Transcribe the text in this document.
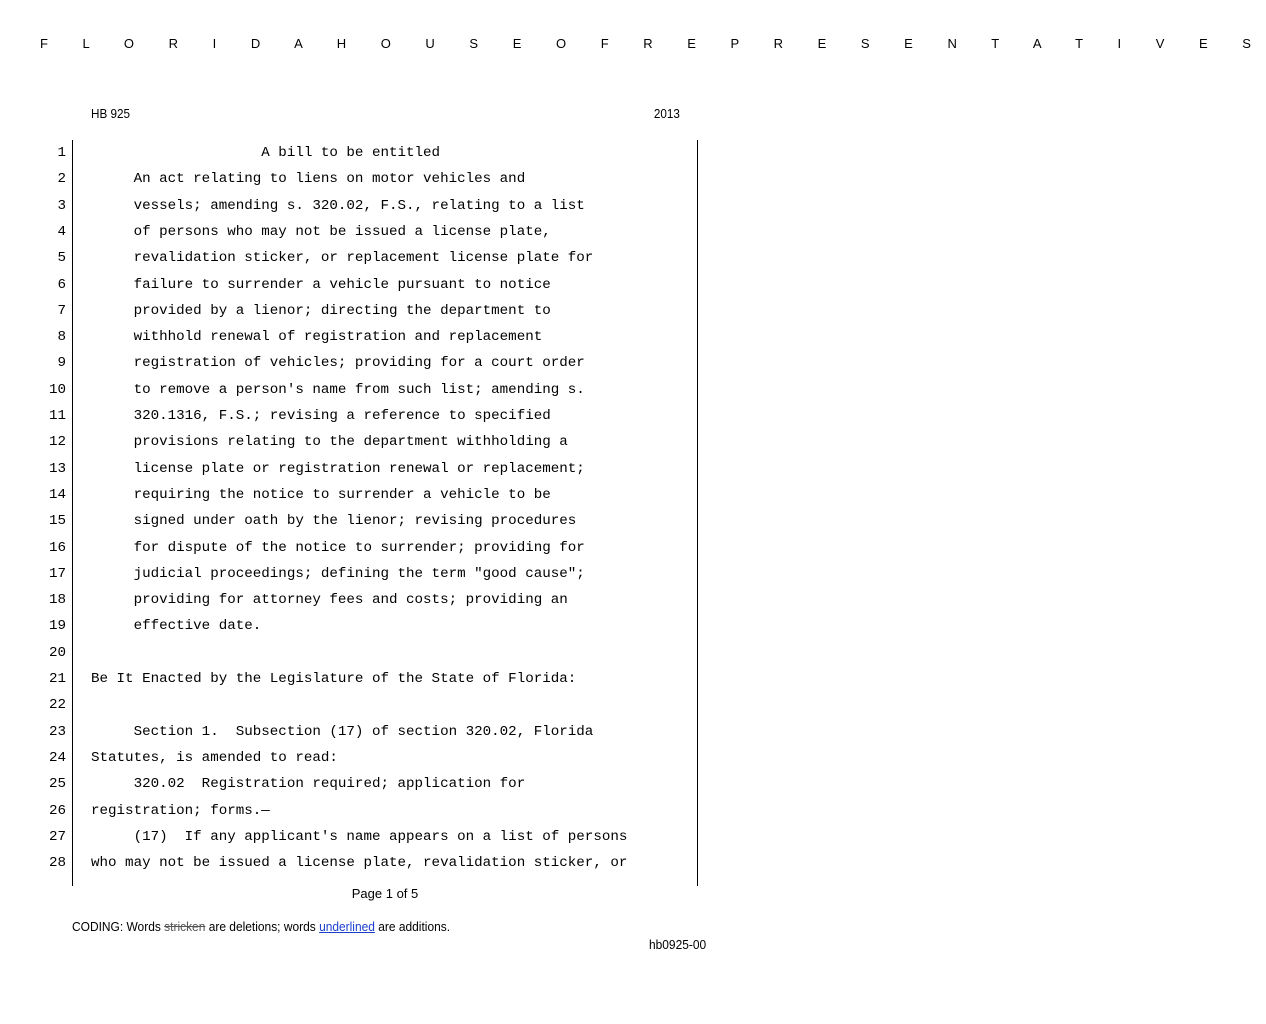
F L O R I D A H O U S E O F R E P R E S E N T A T I V E S
HB 925	2013
1 A bill to be entitled
2 An act relating to liens on motor vehicles and
3 vessels; amending s. 320.02, F.S., relating to a list
4 of persons who may not be issued a license plate,
5 revalidation sticker, or replacement license plate for
6 failure to surrender a vehicle pursuant to notice
7 provided by a lienor; directing the department to
8 withhold renewal of registration and replacement
9 registration of vehicles; providing for a court order
10 to remove a person's name from such list; amending s.
11 320.1316, F.S.; revising a reference to specified
12 provisions relating to the department withholding a
13 license plate or registration renewal or replacement;
14 requiring the notice to surrender a vehicle to be
15 signed under oath by the lienor; revising procedures
16 for dispute of the notice to surrender; providing for
17 judicial proceedings; defining the term "good cause";
18 providing for attorney fees and costs; providing an
19 effective date.
20
21 Be It Enacted by the Legislature of the State of Florida:
22
23 Section 1.  Subsection (17) of section 320.02, Florida
24 Statutes, is amended to read:
25 320.02  Registration required; application for
26 registration; forms.—
27 (17)  If any applicant's name appears on a list of persons
28 who may not be issued a license plate, revalidation sticker, or
Page 1 of 5
CODING: Words stricken are deletions; words underlined are additions.
hb0925-00
